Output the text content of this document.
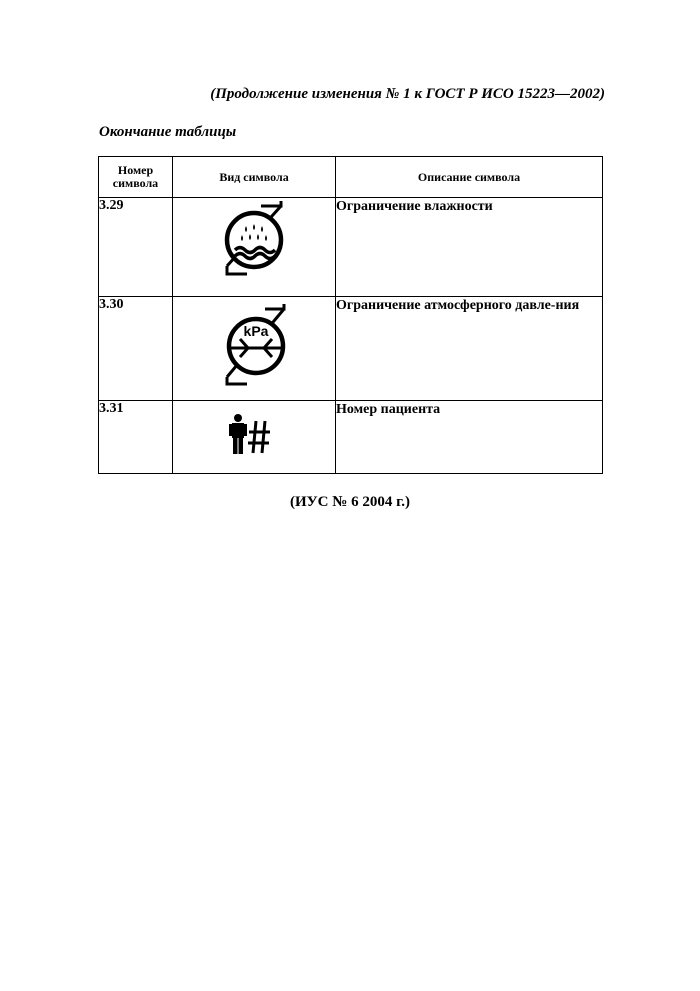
(Продолжение изменения № 1 к ГОСТ Р ИСО 15223—2002)
Окончание таблицы
Номер
символа	Вид символа	Описание символа
3.29		Ограничение влажности
3.30	kPa	Ограничение атмосферного давле-ния
3.31		Номер пациента
(ИУС № 6 2004 г.)
